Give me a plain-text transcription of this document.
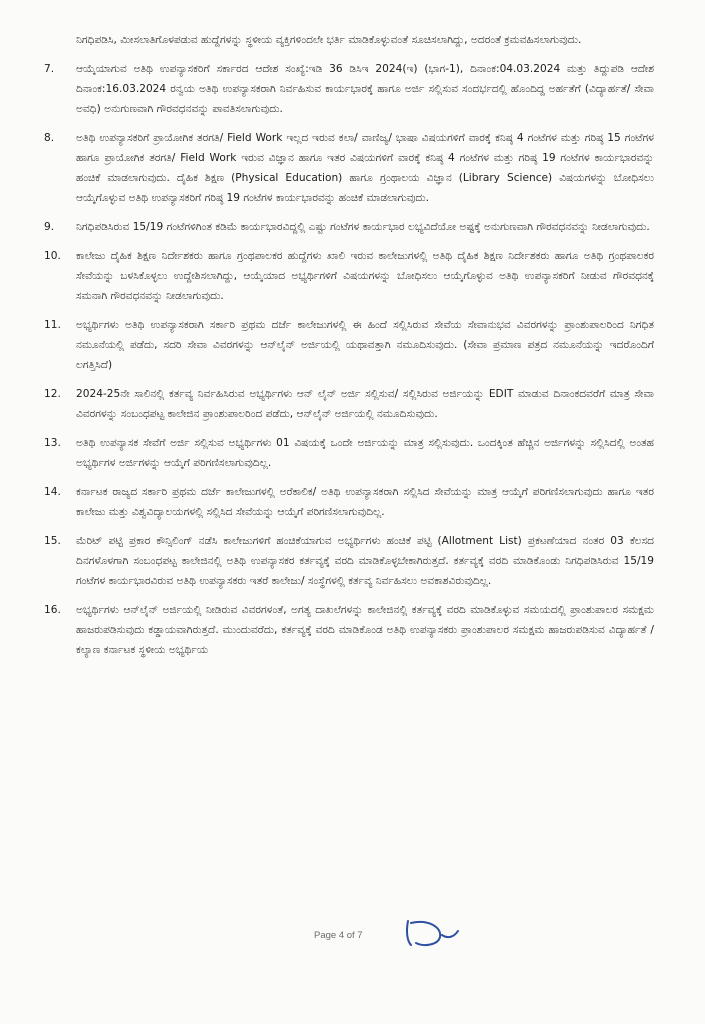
ನಿಗಧಿಪಡಿಸಿ, ಮೀಸಲಾತಿಗೊಳಪಡುವ ಹುದ್ದೆಗಳನ್ನು ಸ್ಥಳೀಯ ವ್ಯಕ್ತಿಗಳಿಂದಲೇ ಭರ್ತಿ ಮಾಡಿಕೊಳ್ಳುವಂತೆ ಸೂಚಿಸಲಾಗಿದ್ದು, ಅದರಂತೆ ಕ್ರಮವಹಿಸಲಾಗುವುದು.
7.	ಆಯ್ಕೆಯಾಗುವ ಅತಿಥಿ ಉಪನ್ಯಾಸಕರಿಗೆ ಸರ್ಕಾರದ ಆದೇಶ ಸಂಖ್ಯೆ:ಇಡಿ 36 ಡಿಸಿಇ 2024(ಇ) (ಭಾಗ-1), ದಿನಾಂಕ:04.03.2024 ಮತ್ತು ತಿದ್ದುಪಡಿ ಆದೇಶ ದಿನಾಂಕ:16.03.2024 ರನ್ವಯ ಅತಿಥಿ ಉಪನ್ಯಾಸಕರಾಗಿ ನಿರ್ವಹಿಸುವ ಕಾರ್ಯಭಾರಕ್ಕೆ ಹಾಗೂ ಅರ್ಜಿ ಸಲ್ಲಿಸುವ ಸಂದರ್ಭದಲ್ಲಿ ಹೊಂದಿದ್ದ ಅರ್ಹತೆಗೆ (ವಿದ್ಯಾರ್ಹತೆ/ ಸೇವಾ ಅವಧಿ) ಅನುಗುಣವಾಗಿ ಗೌರವಧನವನ್ನು ಪಾವತಿಸಲಾಗುವುದು.
8.	ಅತಿಥಿ ಉಪನ್ಯಾಸಕರಿಗೆ ಪ್ರಾಯೋಗಿಕ ತರಗತಿ/ Field Work ಇಲ್ಲದ ಇರುವ ಕಲಾ/ ವಾಣಿಜ್ಯ/ ಭಾಷಾ ವಿಷಯಗಳಿಗೆ ವಾರಕ್ಕೆ ಕನಿಷ್ಠ 4 ಗಂಟೆಗಳ ಮತ್ತು ಗರಿಷ್ಠ 15 ಗಂಟೆಗಳ ಹಾಗೂ ಪ್ರಾಯೋಗಿಕ ತರಗತಿ/ Field Work ಇರುವ ವಿಜ್ಞಾನ ಹಾಗೂ ಇತರ ವಿಷಯಗಳಿಗೆ ವಾರಕ್ಕೆ ಕನಿಷ್ಠ 4 ಗಂಟೆಗಳ ಮತ್ತು ಗರಿಷ್ಠ 19 ಗಂಟೆಗಳ ಕಾರ್ಯಭಾರವನ್ನು ಹಂಚಿಕೆ ಮಾಡಲಾಗುವುದು. ದೈಹಿಕ ಶಿಕ್ಷಣ (Physical Education) ಹಾಗೂ ಗ್ರಂಥಾಲಯ ವಿಜ್ಞಾನ (Library Science) ವಿಷಯಗಳನ್ನು ಬೋಧಿಸಲು ಆಯ್ಕೆಗೊಳ್ಳುವ ಅತಿಥಿ ಉಪನ್ಯಾಸಕರಿಗೆ ಗರಿಷ್ಠ 19 ಗಂಟೆಗಳ ಕಾರ್ಯಭಾರವನ್ನು ಹಂಚಿಕೆ ಮಾಡಲಾಗುವುದು.
9.	ನಿಗಧಿಪಡಿಸಿರುವ 15/19 ಗಂಟೆಗಳಿಗಿಂತ ಕಡಿಮೆ ಕಾರ್ಯಭಾರವಿದ್ದಲ್ಲಿ ಎಷ್ಟು ಗಂಟೆಗಳ ಕಾರ್ಯಭಾರ ಲಭ್ಯವಿದೆಯೋ ಅಷ್ಟಕ್ಕೆ ಅನುಗುಣವಾಗಿ ಗೌರವಧನವನ್ನು ನೀಡಲಾಗುವುದು.
10.	ಕಾಲೇಜು ದೈಹಿಕ ಶಿಕ್ಷಣ ನಿರ್ದೇಶಕರು ಹಾಗೂ ಗ್ರಂಥಪಾಲಕರ ಹುದ್ದೆಗಳು ಖಾಲಿ ಇರುವ ಕಾಲೇಜುಗಳಲ್ಲಿ ಅತಿಥಿ ದೈಹಿಕ ಶಿಕ್ಷಣ ನಿರ್ದೇಶಕರು ಹಾಗೂ ಅತಿಥಿ ಗ್ರಂಥಪಾಲಕರ ಸೇವೆಯನ್ನು ಬಳಸಿಕೊಳ್ಳಲು ಉದ್ದೇಶಿಸಲಾಗಿದ್ದು, ಆಯ್ಕೆಯಾದ ಅಭ್ಯರ್ಥಿಗಳಿಗೆ ವಿಷಯಗಳನ್ನು ಬೋಧಿಸಲು ಆಯ್ಕೆಗೊಳ್ಳುವ ಅತಿಥಿ ಉಪನ್ಯಾಸಕರಿಗೆ ನೀಡುವ ಗೌರವಧನಕ್ಕೆ ಸಮನಾಗಿ ಗೌರವಧನವನ್ನು ನೀಡಲಾಗುವುದು.
11.	ಅಭ್ಯರ್ಥಿಗಳು ಅತಿಥಿ ಉಪನ್ಯಾಸಕರಾಗಿ ಸರ್ಕಾರಿ ಪ್ರಥಮ ದರ್ಜೆ ಕಾಲೇಜುಗಳಲ್ಲಿ ಈ ಹಿಂದೆ ಸಲ್ಲಿಸಿರುವ ಸೇವೆಯ ಸೇವಾನುಭವ ವಿವರಗಳನ್ನು ಪ್ರಾಂಶುಪಾಲರಿಂದ ನಿಗಧಿತ ನಮೂನೆಯಲ್ಲಿ ಪಡೆದು, ಸದರಿ ಸೇವಾ ವಿವರಗಳನ್ನು ಆನ್‌ಲೈನ್ ಅರ್ಜಿಯಲ್ಲಿ ಯಥಾವತ್ತಾಗಿ ನಮೂದಿಸುವುದು. (ಸೇವಾ ಪ್ರಮಾಣ ಪತ್ರದ ನಮೂನೆಯನ್ನು ಇದರೊಂದಿಗೆ ಲಗತ್ತಿಸಿದೆ)
12.	2024-25ನೇ ಸಾಲಿನಲ್ಲಿ ಕರ್ತವ್ಯ ನಿರ್ವಹಿಸಿರುವ ಅಭ್ಯರ್ಥಿಗಳು ಆನ್ ಲೈನ್ ಅರ್ಜಿ ಸಲ್ಲಿಸುವ/ ಸಲ್ಲಿಸಿರುವ ಅರ್ಜಿಯನ್ನು EDIT ಮಾಡುವ ದಿನಾಂಕದವರೆಗೆ ಮಾತ್ರ ಸೇವಾ ವಿವರಗಳನ್ನು ಸಂಬಂಧಪಟ್ಟ ಕಾಲೇಜಿನ ಪ್ರಾಂಶುಪಾಲರಿಂದ ಪಡೆದು, ಆನ್‌ಲೈನ್ ಅರ್ಜಿಯಲ್ಲಿ ನಮೂದಿಸುವುದು.
13.	ಅತಿಥಿ ಉಪನ್ಯಾಸಕ ಸೇವೆಗೆ ಅರ್ಜಿ ಸಲ್ಲಿಸುವ ಅಭ್ಯರ್ಥಿಗಳು 01 ವಿಷಯಕ್ಕೆ ಒಂದೇ ಅರ್ಜಿಯನ್ನು ಮಾತ್ರ ಸಲ್ಲಿಸುವುದು. ಒಂದಕ್ಕಿಂತ ಹೆಚ್ಚಿನ ಅರ್ಜಿಗಳನ್ನು ಸಲ್ಲಿಸಿದಲ್ಲಿ ಅಂತಹ ಅಭ್ಯರ್ಥಿಗಳ ಅರ್ಜಿಗಳನ್ನು ಆಯ್ಕೆಗೆ ಪರಿಗಣಿಸಲಾಗುವುದಿಲ್ಲ.
14.	ಕರ್ನಾಟಕ ರಾಜ್ಯದ ಸರ್ಕಾರಿ ಪ್ರಥಮ ದರ್ಜೆ ಕಾಲೇಜುಗಳಲ್ಲಿ ಅರೆಕಾಲಿಕ/ ಅತಿಥಿ ಉಪನ್ಯಾಸಕರಾಗಿ ಸಲ್ಲಿಸಿದ ಸೇವೆಯನ್ನು ಮಾತ್ರ ಆಯ್ಕೆಗೆ ಪರಿಗಣಿಸಲಾಗುವುದು ಹಾಗೂ ಇತರ ಕಾಲೇಜು ಮತ್ತು ವಿಶ್ವವಿದ್ಯಾಲಯಗಳಲ್ಲಿ ಸಲ್ಲಿಸಿದ ಸೇವೆಯನ್ನು ಆಯ್ಕೆಗೆ ಪರಿಗಣಿಸಲಾಗುವುದಿಲ್ಲ.
15.	ಮೆರಿಟ್ ಪಟ್ಟಿ ಪ್ರಕಾರ ಕೌನ್ಸಿಲಿಂಗ್ ನಡೆಸಿ ಕಾಲೇಜುಗಳಿಗೆ ಹಂಚಿಕೆಯಾಗುವ ಅಭ್ಯರ್ಥಿಗಳು ಹಂಚಿಕೆ ಪಟ್ಟಿ (Allotment List) ಪ್ರಕಟಣೆಯಾದ ನಂತರ 03 ಕೆಲಸದ ದಿನಗಳೊಳಗಾಗಿ ಸಂಬಂಧಪಟ್ಟ ಕಾಲೇಜಿನಲ್ಲಿ ಅತಿಥಿ ಉಪನ್ಯಾಸಕರ ಕರ್ತವ್ಯಕ್ಕೆ ವರದಿ ಮಾಡಿಕೊಳ್ಳಬೇಕಾಗಿರುತ್ತದೆ. ಕರ್ತವ್ಯಕ್ಕೆ ವರದಿ ಮಾಡಿಕೊಂಡು ನಿಗಧಿಪಡಿಸಿರುವ 15/19 ಗಂಟೆಗಳ ಕಾರ್ಯಭಾರವಿರುವ ಅತಿಥಿ ಉಪನ್ಯಾಸಕರು ಇತರೆ ಕಾಲೇಜು/ ಸಂಸ್ಥೆಗಳಲ್ಲಿ ಕರ್ತವ್ಯ ನಿರ್ವಹಿಸಲು ಅವಕಾಶವಿರುವುದಿಲ್ಲ.
16.	ಅಭ್ಯರ್ಥಿಗಳು ಆನ್‌ಲೈನ್ ಅರ್ಜಿಯಲ್ಲಿ ನೀಡಿರುವ ವಿವರಗಳಂತೆ, ಅಗತ್ಯ ದಾಖಲೆಗಳನ್ನು ಕಾಲೇಜಿನಲ್ಲಿ ಕರ್ತವ್ಯಕ್ಕೆ ವರದಿ ಮಾಡಿಕೊಳ್ಳುವ ಸಮಯದಲ್ಲಿ ಪ್ರಾಂಶುಪಾಲರ ಸಮಕ್ಷಮ ಹಾಜರುಪಡಿಸುವುದು ಕಡ್ಡಾಯವಾಗಿರುತ್ತದೆ. ಮುಂದುವರೆದು, ಕರ್ತವ್ಯಕ್ಕೆ ವರದಿ ಮಾಡಿಕೊಂಡ ಅತಿಥಿ ಉಪನ್ಯಾಸಕರು ಪ್ರಾಂಶುಪಾಲರ ಸಮಕ್ಷಮ ಹಾಜರುಪಡಿಸುವ ವಿದ್ಯಾರ್ಹತೆ / ಕಲ್ಯಾಣ ಕರ್ನಾಟಕ ಸ್ಥಳೀಯ ಅಭ್ಯರ್ಥಿಯ
Page 4 of 7
